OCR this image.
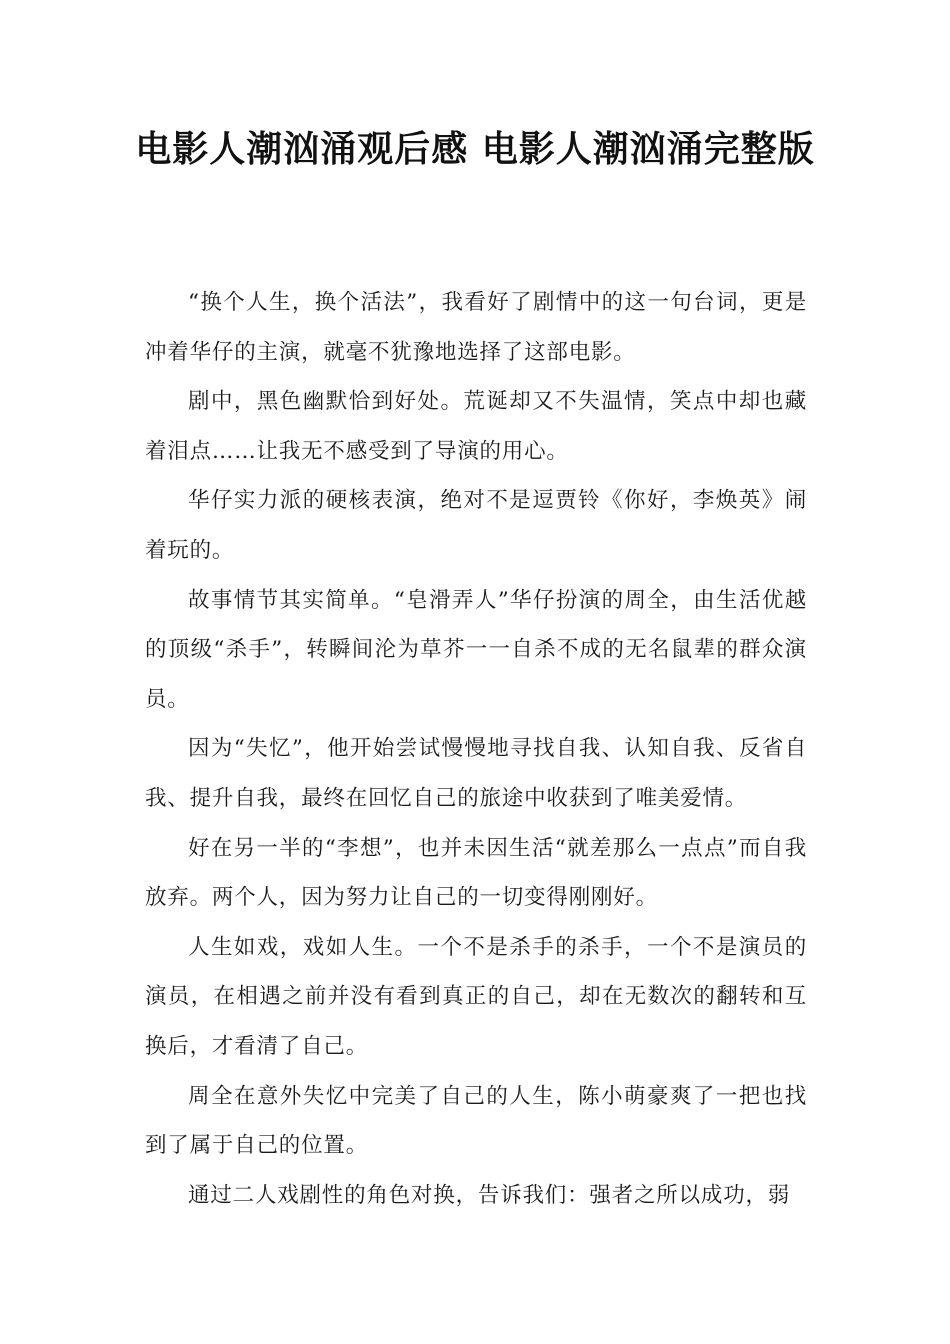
电影人潮汹涌观后感 电影人潮汹涌完整版

“换个人生，换个活法”，我看好了剧情中的这一句台词，更是冲着华仔的主演，就毫不犹豫地选择了这部电影。

剧中，黑色幽默恰到好处。荒诞却又不失温情，笑点中却也藏着泪点……让我无不感受到了导演的用心。

华仔实力派的硬核表演，绝对不是逗贾铃《你好，李焕英》闹着玩的。

故事情节其实简单。“皂滑弄人”华仔扮演的周全，由生活优越的顶级“杀手”，转瞬间沦为草芥一一自杀不成的无名鼠辈的群众演员。

因为“失忆”，他开始尝试慢慢地寻找自我、认知自我、反省自我、提升自我，最终在回忆自己的旅途中收获到了唯美爱情。

好在另一半的“李想”，也并未因生活“就差那么一点点”而自我放弃。两个人，因为努力让自己的一切变得刚刚好。

人生如戏，戏如人生。一个不是杀手的杀手，一个不是演员的演员，在相遇之前并没有看到真正的自己，却在无数次的翻转和互换后，才看清了自己。

周全在意外失忆中完美了自己的人生，陈小萌豪爽了一把也找到了属于自己的位置。

通过二人戏剧性的角色对换，告诉我们：强者之所以成功，弱
